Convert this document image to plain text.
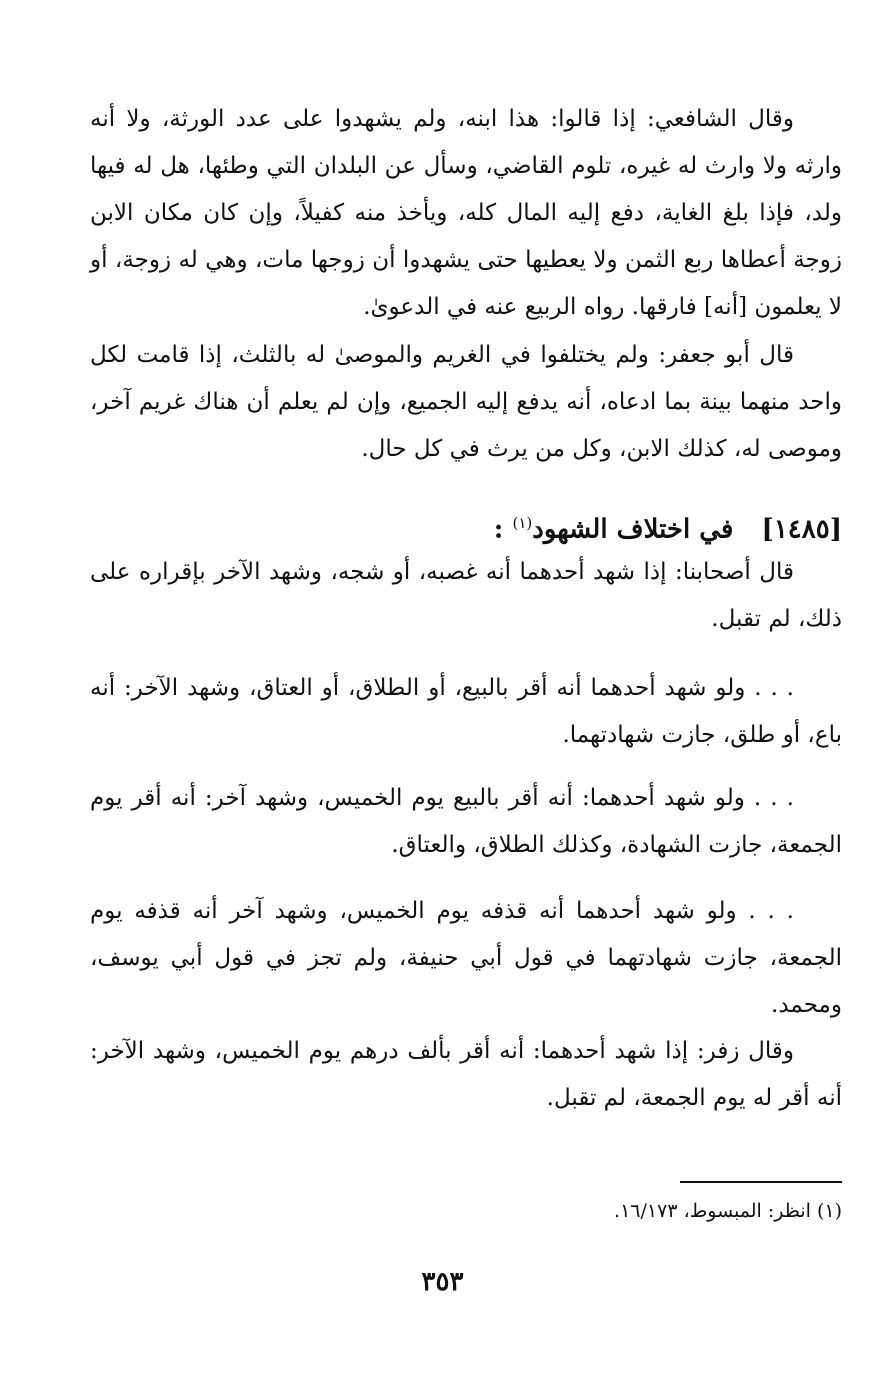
وقال الشافعي: إذا قالوا: هذا ابنه، ولم يشهدوا على عدد الورثة، ولا أنه وارثه ولا وارث له غيره، تلوم القاضي، وسأل عن البلدان التي وطئها، هل له فيها ولد، فإذا بلغ الغاية، دفع إليه المال كله، ويأخذ منه كفيلاً، وإن كان مكان الابن زوجة أعطاها ربع الثمن ولا يعطيها حتى يشهدوا أن زوجها مات، وهي له زوجة، أو لا يعلمون [أنه] فارقها. رواه الربيع عنه في الدعوىٰ.

قال أبو جعفر: ولم يختلفوا في الغريم والموصىٰ له بالثلث، إذا قامت لكل واحد منهما بينة بما ادعاه، أنه يدفع إليه الجميع، وإن لم يعلم أن هناك غريم آخر، وموصى له، كذلك الابن، وكل من يرث في كل حال.

[١٤٨٥]  في اختلاف الشهود$^{(١)}$ :

قال أصحابنا: إذا شهد أحدهما أنه غصبه، أو شجه، وشهد الآخر بإقراره على ذلك، لم تقبل.

. . . ولو شهد أحدهما أنه أقر بالبيع، أو الطلاق، أو العتاق، وشهد الآخر: أنه باع، أو طلق، جازت شهادتهما.

. . . ولو شهد أحدهما: أنه أقر بالبيع يوم الخميس، وشهد آخر: أنه أقر يوم الجمعة، جازت الشهادة، وكذلك الطلاق، والعتاق.

. . . ولو شهد أحدهما أنه قذفه يوم الخميس، وشهد آخر أنه قذفه يوم الجمعة، جازت شهادتهما في قول أبي حنيفة، ولم تجز في قول أبي يوسف، ومحمد.

وقال زفر: إذا شهد أحدهما: أنه أقر بألف درهم يوم الخميس، وشهد الآخر: أنه أقر له يوم الجمعة، لم تقبل.

(١) انظر: المبسوط، ١٦/١٧٣.

٣٥٣
